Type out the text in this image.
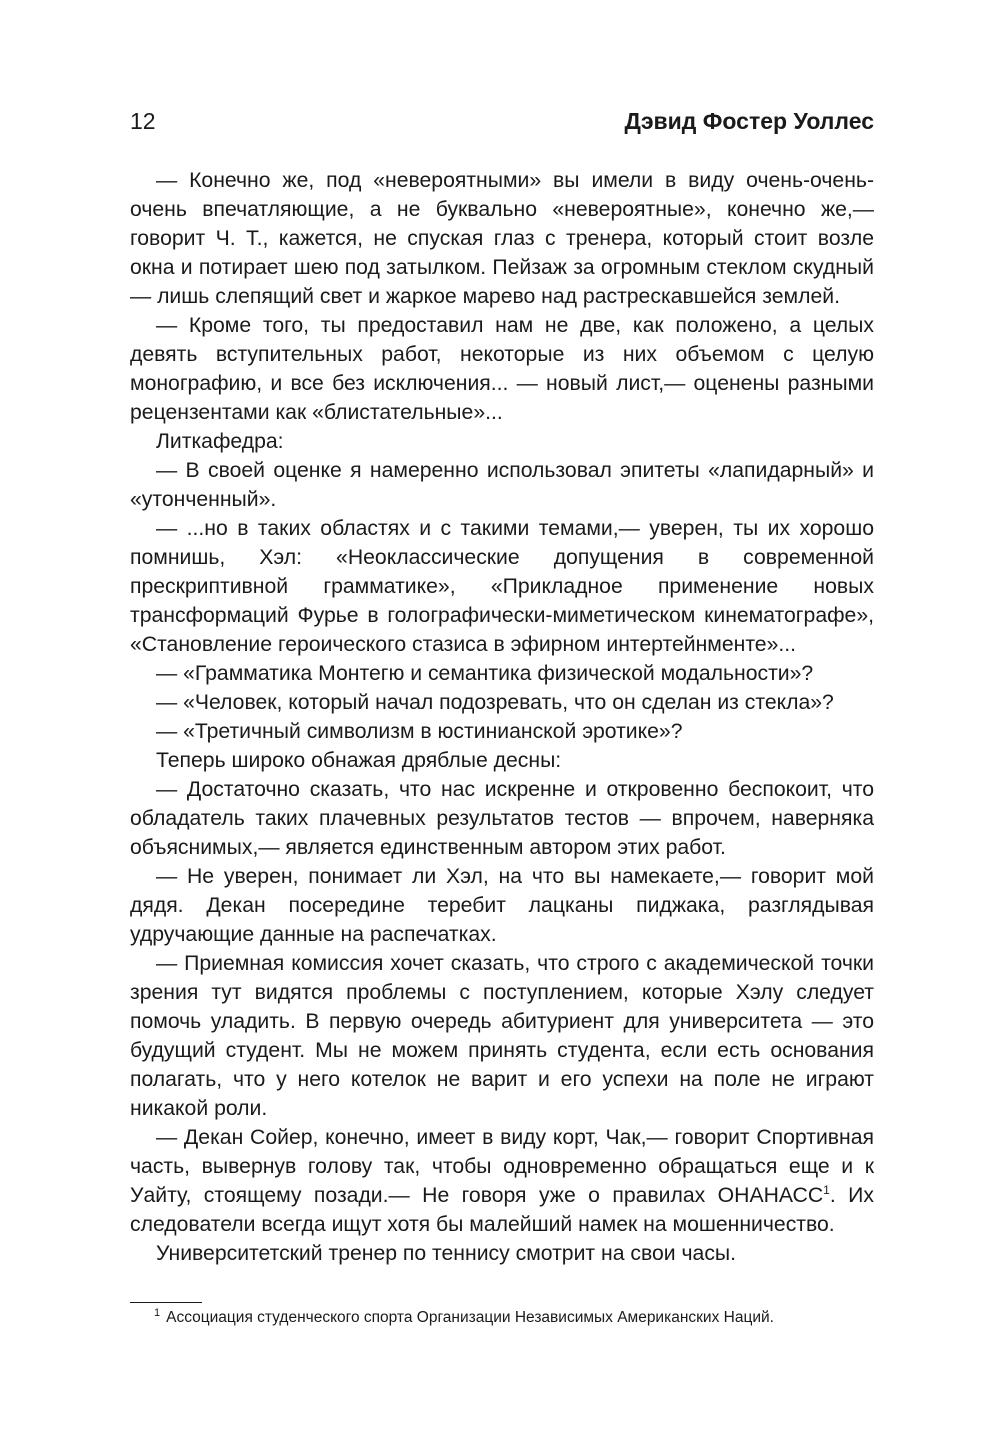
12	Дэвид Фостер Уоллес

— Конечно же, под «невероятными» вы имели в виду очень-очень-очень впечатляющие, а не буквально «невероятные», конечно же,— говорит Ч. Т., кажется, не спуская глаз с тренера, который стоит возле окна и потирает шею под затылком. Пейзаж за огромным стеклом скудный — лишь слепящий свет и жаркое марево над растрескавшейся землей.

— Кроме того, ты предоставил нам не две, как положено, а целых девять вступительных работ, некоторые из них объемом с целую монографию, и все без исключения... — новый лист,— оценены разными рецензентами как «блистательные»...

Литкафедра:

— В своей оценке я намеренно использовал эпитеты «лапидарный» и «утонченный».

— ...но в таких областях и с такими темами,— уверен, ты их хорошо помнишь, Хэл: «Неоклассические допущения в современной прескриптивной грамматике», «Прикладное применение новых трансформаций Фурье в голографически-миметическом кинематографе», «Становление героического стазиса в эфирном интертейнменте»...

— «Грамматика Монтегю и семантика физической модальности»?

— «Человек, который начал подозревать, что он сделан из стекла»?

— «Третичный символизм в юстинианской эротике»?

Теперь широко обнажая дряблые десны:

— Достаточно сказать, что нас искренне и откровенно беспокоит, что обладатель таких плачевных результатов тестов — впрочем, наверняка объяснимых,— является единственным автором этих работ.

— Не уверен, понимает ли Хэл, на что вы намекаете,— говорит мой дядя. Декан посередине теребит лацканы пиджака, разглядывая удручающие данные на распечатках.

— Приемная комиссия хочет сказать, что строго с академической точки зрения тут видятся проблемы с поступлением, которые Хэлу следует помочь уладить. В первую очередь абитуриент для университета — это будущий студент. Мы не можем принять студента, если есть основания полагать, что у него котелок не варит и его успехи на поле не играют никакой роли.

— Декан Сойер, конечно, имеет в виду корт, Чак,— говорит Спортивная часть, вывернув голову так, чтобы одновременно обращаться еще и к Уайту, стоящему позади.— Не говоря уже о правилах ОНАНАСС$^1$. Их следователи всегда ищут хотя бы малейший намек на мошенничество.

Университетский тренер по теннису смотрит на свои часы.

$^1$ Ассоциация студенческого спорта Организации Независимых Американских Наций.
